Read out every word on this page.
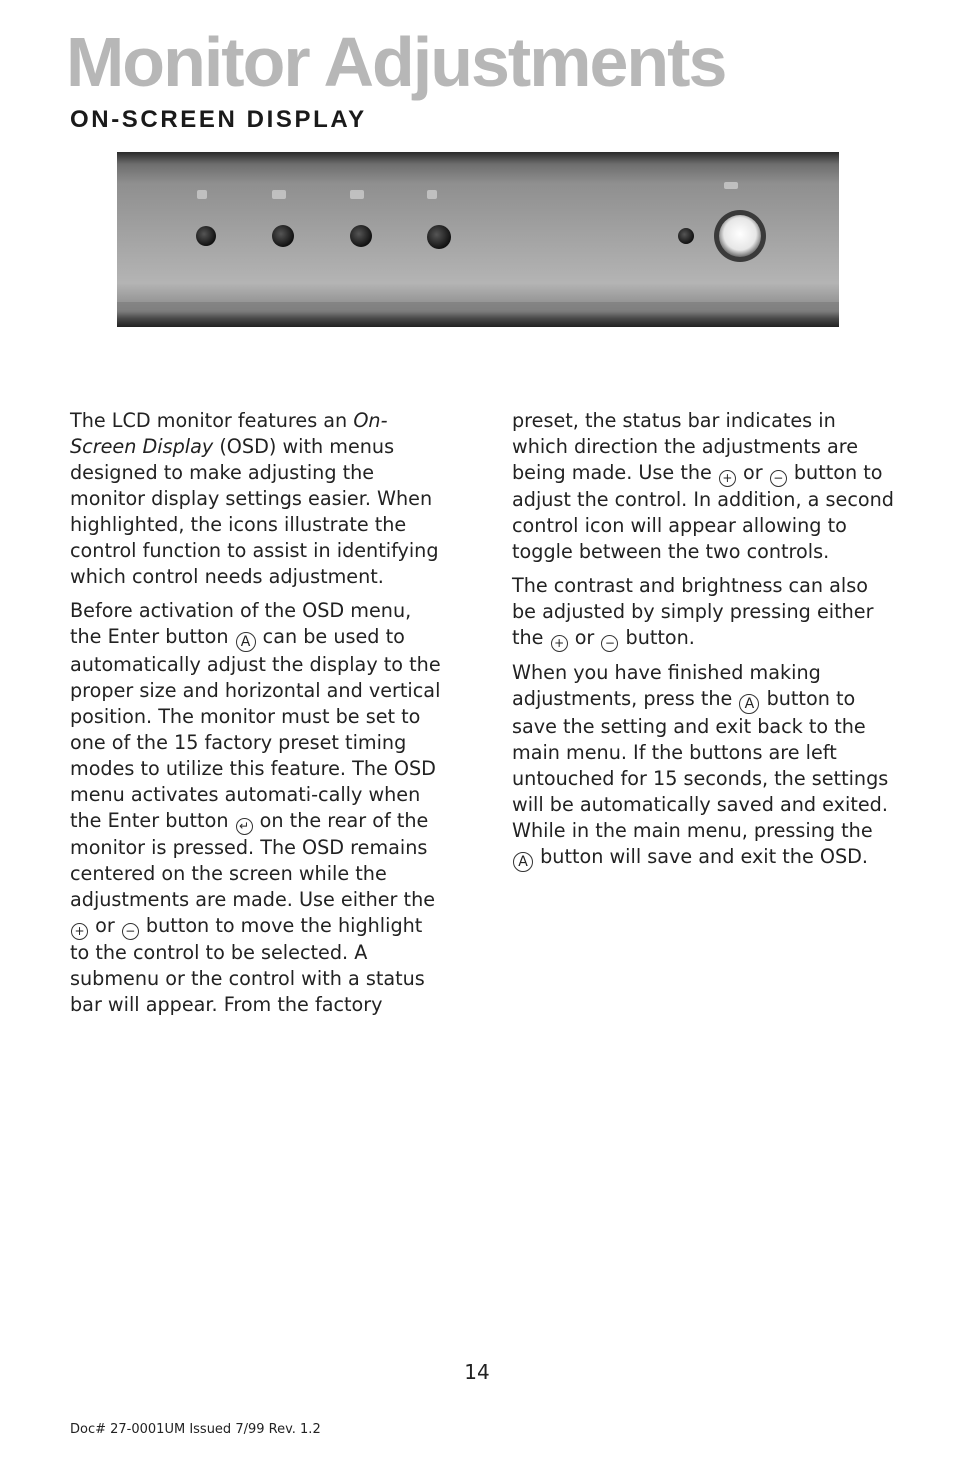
Monitor Adjustments
ON-SCREEN DISPLAY

The LCD monitor features an On-Screen Display (OSD) with menus designed to make adjusting the monitor display settings easier. When highlighted, the icons illustrate the control function to assist in identifying which control needs adjustment.

Before activation of the OSD menu, the Enter button A can be used to automatically adjust the display to the proper size and horizontal and vertical position. The monitor must be set to one of the 15 factory preset timing modes to utilize this feature. The OSD menu activates automati-cally when the Enter button ↵ on the rear of the monitor is pressed. The OSD remains centered on the screen while the adjustments are made. Use either the + or − button to move the highlight to the control to be selected. A submenu or the control with a status bar will appear. From the factory

preset, the status bar indicates in which direction the adjustments are being made. Use the + or − button to adjust the control. In addition, a second control icon will appear allowing to toggle between the two controls.

The contrast and brightness can also be adjusted by simply pressing either the + or − button.

When you have finished making adjustments, press the A button to save the setting and exit back to the main menu. If the buttons are left untouched for 15 seconds, the settings will be automatically saved and exited. While in the main menu, pressing the A button will save and exit the OSD.

14
Doc# 27-0001UM Issued 7/99 Rev. 1.2
